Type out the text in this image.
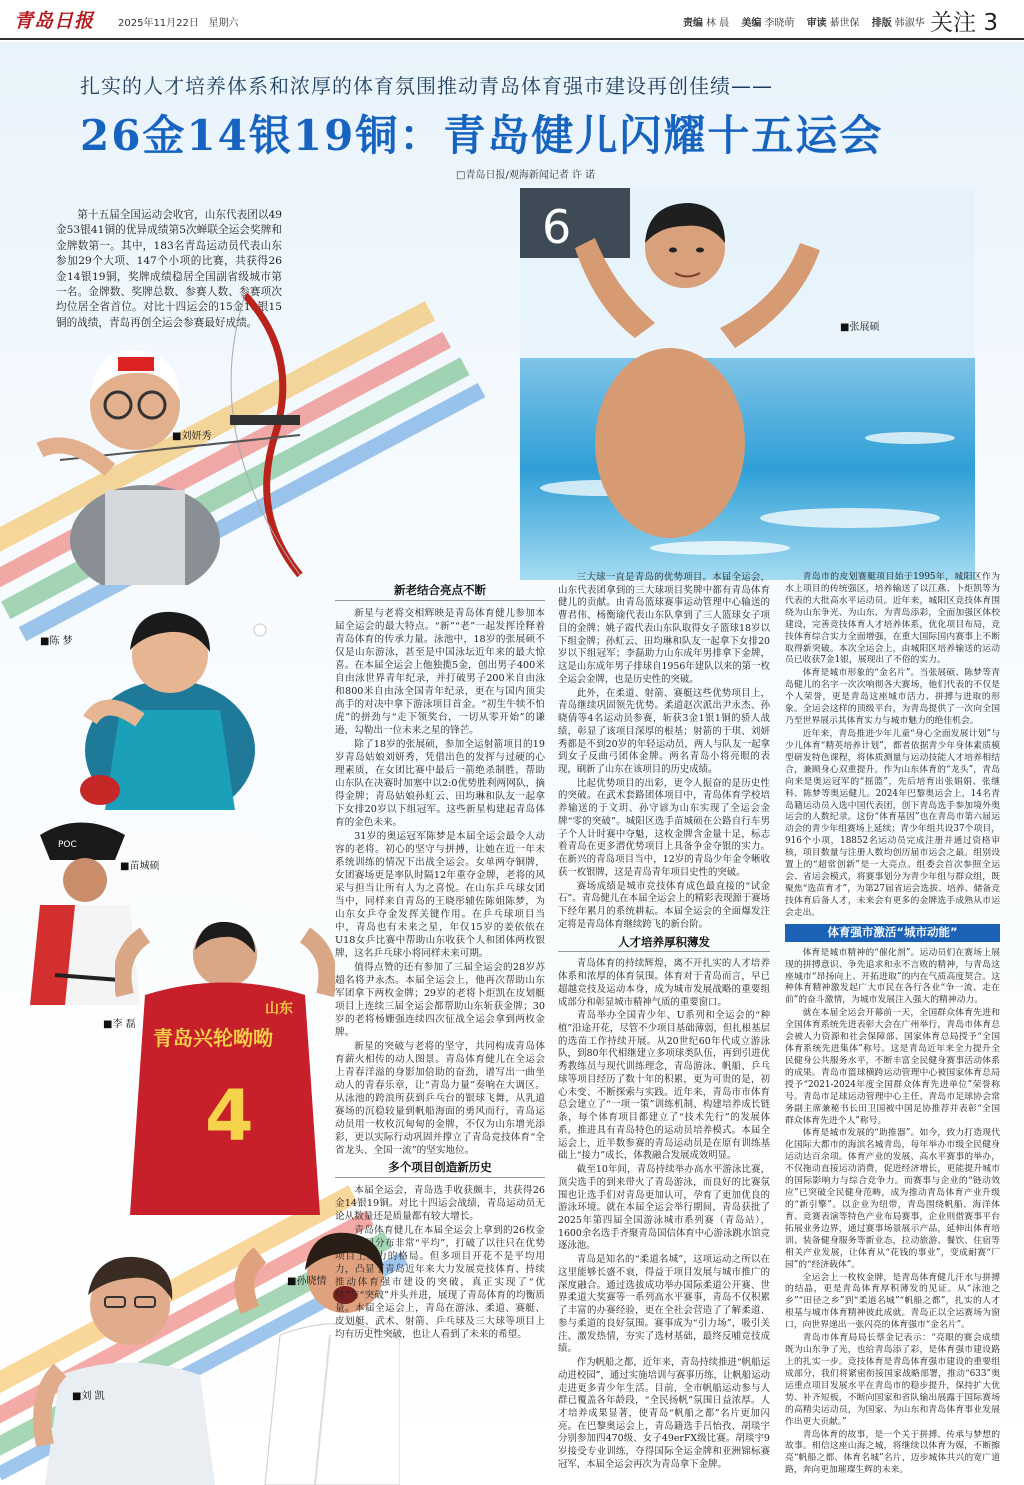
青岛日报 2025年11月22日 星期六	责编 林 晨 美编 李晓萌 审读 綦世保 排版 韩淑华 关注 3
扎实的人才培养体系和浓厚的体育氛围推动青岛体育强市建设再创佳绩——
26金14银19铜：青岛健儿闪耀十五运会
□青岛日报/观海新闻记者 许 诺
第十五届全国运动会收官，山东代表团以49金53银41铜的优异成绩第5次蝉联全运会奖牌和金牌数第一。其中，183名青岛运动员代表山东参加29个大项、147个小项的比赛，共获得26金14银19铜，奖牌成绩稳居全国副省级城市第一名。金牌数、奖牌总数、参赛人数、参赛项次均位居全省首位。对比十四运会的15金18银15铜的战绩，青岛再创全运会参赛最好成绩。
6
■张展硕
■刘妍秀
■陈 梦
POC
■苗城硕
山东
青岛兴轮呦呦
4
■李 磊
■孙晓情
■刘 凯
新老结合亮点不断

新星与老将交相辉映是青岛体育健儿参加本届全运会的最大特点。“新”“老”一起发挥诠释着青岛体育的传承力量。泳池中，18岁的张展硕不仅是山东游泳，甚至是中国泳坛近年来的最大惊喜。在本届全运会上他独揽5金，创出男子400米自由泳世界青年纪录，并打破男子200米自由泳和800米自由泳全国青年纪录，更在与国内顶尖高手的对决中拿下游泳项目首金。“初生牛犊不怕虎”的拼劲与“走下领奖台，一切从零开始”的谦逊，勾勒出一位未来之星的锋芒。

除了18岁的张展硕，参加全运射箭项目的19岁青岛姑娘刘妍秀，凭借出色的发挥与过硬的心理素质，在女团比赛中最后一箭绝杀制胜，帮助山东队在决赛时加塞中以2:0优势胜利两网队，摘得金牌；青岛姑娘孙虹云、田均琳和队友一起拿下女排20岁以下组冠军。这些新星构建起青岛体育的金色未来。

31岁的奥运冠军陈梦是本届全运会最令人动容的老将。初心的坚守与拼搏，让她在近一年未系统训练的情况下出战全运会。女单两夺铜牌，女团赛场更是率队时隔12年重夺金牌，老将的风采与担当让所有人为之喜悦。在山东乒乓球女团当中，同样来自青岛的王晓彤辅佐陈姐陈梦，为山东女乒夺金发挥关键作用。在乒乓球项目当中，青岛也有未来之星，年仅15岁的姜依依在U18女乒比赛中帮助山东收获个人和团体两枚银牌，这名乒乓球小将同样未来可期。

值得点赞的还有参加了三届全运会的28岁苏超名将尹永杰。本届全运会上，他再次帮助山东军团拿下两枚金牌；29岁的老将卜炬凯在皮划艇项目上连续三届全运会都帮助山东斩获金牌；30岁的老将杨姗强连续四次征战全运会拿到两枚金牌。

新星的突破与老将的坚守，共同构成青岛体育薪火相传的动人图景。青岛体育健儿在全运会上青春洋溢的身影加倍助的奋劲，谱写出一曲坐动人的青春乐章，让“青岛力量”奏响在大调区。从泳池的跨浪所获到乒乓台的银球飞舞，从乳道赛场的沉稳较量到帆船海面的勇风而行，青岛运动员用一枚枚沉甸甸的金牌，不仅为山东增光添彩，更以实际行动巩固并撑立了青岛竞技体育“全省龙头、全国一流”的坚实地位。

多个项目创造新历史

本届全运会，青岛选手收获颇丰，共获得26金14银19铜。对比十四运会战绩，青岛运动员无论从数量还是质量都有较大增长。

青岛体育健儿在本届全运会上拿到的26枚金牌，项目分布非常“平均”，打破了以往只在优势项目上发力的格局。但多项目开花不是平均用力，凸显了青岛近年来大力发展竞技体育、持续推动体育强市建设的突破，真正实现了“优势”与“突破”并头并进，展现了青岛体育的均衡质量。本届全运会上，青岛在游泳、柔道、赛艇、皮划艇、武术、射箭、乒乓球及三大球等项目上均有历史性突破，也让人看到了未来的希望。

三大球一直是青岛的优势项目。本届全运会，山东代表团拿到的三大球项目奖牌中都有青岛体育健儿的贡献。由青岛篮球赛事运动管理中心输送的曹君伟、杨衡瑜代表山东队拿到了三人篮球女子项目的金牌；姚子霞代表山东队取得女子篮球18岁以下组金牌；孙虹云、田均琳和队友一起拿下女排20岁以下组冠军；李磊助力山东成年男排拿下金牌，这是山东成年男子排球自1956年建队以来的第一枚全运会金牌，也是历史性的突破。

此外，在柔道、射箭、赛艇这些优势项目上，青岛继续巩固领先优势。柔道赵次派出尹永杰、孙晓倩等4名运动员参赛，斩获3金1银1铜的骄人战绩，彰显了该项目深厚的根基；射箭的于琪、刘妍秀都是不到20岁的年轻运动员，两人与队友一起拿到女子反曲弓团体金牌。两名青岛小将亮眼的表现，刷新了山东在该项目的历史成绩。

比起优势项目的出彩，更令人振奋的是历史性的突破。在武术套路团体项目中，青岛体育学校培养输送的于文玥、孙守谚为山东实现了全运会金牌“零的突破”。城阳区选手苗城硕在公路自行车男子个人计时赛中夺魁，这枚金牌含金量十足，标志着青岛在更多潜优势项目上具备争金夺银的实力。在新兴的青岛项目当中，12岁的青岛少年金令晰收获一枚银牌，这是青岛青年项目史性的突破。

赛场成绩是城市竞技体育成色最直接的“试金石”。青岛健儿在本届全运会上的精彩表现源于赛场下经年累月的系统耕耘。本届全运会的全面爆发注定将是青岛体育继续跨飞的新台阶。

人才培养厚积薄发

青岛体育的持续辉煌，离不开扎实的人才培养体系和浓厚的体育氛围。体育对于青岛而言，早已超越竞技及运动本身，成为城市发展战略的重要组成部分和彰显城市精神气质的重要窗口。

青岛举办全国青少年、U系列和全运会的“种植”沿途开花，尽管不少项目基础薄弱，但扎根基层的选苗工作持续开展。从20世纪60年代成立游泳队，到80年代相继建立多项球类队伍，再到引进优秀教练员与现代训练理念，青岛游泳、帆船、乒乓球等项目经历了数十年的积累，更为可贵的是，初心未变、不断探索与实践。近年来，青岛市市体育总会建立了“一项一策”训练机制、构建培养成长链条，每个体育项目都建立了“技术先行”的发展体系，推进具有青岛特色的运动员培养模式。本届全运会上，近半数参赛的青岛运动员是在原有训练基础上“接力”成长，体教融合发展成效明显。

截至10年间，青岛持续举办高水平游泳比赛，顶尖选手的到来带火了青岛游泳，而良好的比赛氛围也让选手们对青岛更加认可，孕育了更加优良的游泳环境。就在本届全运会举行期间，青岛获批了2025年第四届全国游泳城市系列赛（青岛站），1600余名选手齐聚青岛国信体育中心游泳跳水馆竞逐泳池。

青岛是知名的“柔道名城”，这项运动之所以在这里能够长盛不衰，得益于项目发展与城市推广的深度融合。通过选拔成功举办国际柔道公开赛、世界柔道大奖赛等一系列高水平赛事，青岛不仅积累了丰富的办赛经验，更在全社会营造了了解柔道、参与柔道的良好氛围。赛事成为“引力场”，吸引关注、激发热情，夯实了选材基础，最终反哺竞技成绩。

作为帆船之都，近年来，青岛持续推进“帆船运动进校园”，通过实施培训与赛事历练，让帆船运动走进更多青少年生活。目前，全市帆船运动参与人群已覆盖各年龄段，“全民扬帆”氛围日益浓厚。人才培养成果显著，使青岛“帆船之都”名片更加闪亮。在巴黎奥运会上，青岛籍选手吕怡孜、胡琰宇分别参加四470级、女子49erFX级比赛。胡琰宇9岁接受专业训练，夺得国际全运金牌和亚洲锦标赛冠军，本届全运会再次为青岛拿下金牌。

青岛市的皮划赛艇项目始于1995年，城阳区作为水上项目的传统强区，培养输送了以江燕、卜炬凯等为代表的大批高水平运动员。近年来，城阳区竞技体育围绕为山东争光、为山东、为青岛添彩，全面加强区体校建设，完善竞技体育人才培养体系，优化项目布局，竞技体育综合实力全面增强，在重大国际国内赛事上不断取得新突破。本次全运会上，由城阳区培养输送的运动员已收获7金1银，展现出了不俗的实力。

体育是城市形象的“金名片”。当张展硕、陈梦等青岛健儿的名字一次次响彻各大赛场，他们代表的不仅是个人荣誉，更是青岛这座城市活力、拼搏与进取的形象。全运会这样的顶级平台，为青岛提供了一次向全国乃至世界展示其体育实力与城市魅力的绝佳机会。

近年来，青岛推进少年儿童“身心全面发展计划”与少儿体育“精英培养计划”，都者依据青少年身体素质模型研发特色课程，将体质测量与运动技能人才培养相结合，兼顾身心双重提升。作为山东体育的“龙头”，青岛向来是奥运冠军的“摇篮”，先后培育出张娟娟、张继科、陈梦等奥运健儿。2024年巴黎奥运会上，14名青岛籍运动员入选中国代表团，创下青岛选手参加境外奥运会的人数纪录。这份“体育基因”也在青岛市第六届运动会的青少年组赛场上延续；青少年组共设37个项目，916个小项，18852名运动员完成注册并通过资格审核，项目数量与注册人数均创历届市运会之最。组别设置上的“超常创新”是一大亮点。组委会首次参照全运会、省运会模式，将赛事划分为青少年组与群众组，既聚焦“选苗育才”，为第27届省运会选拔、培养、储备竞技体育后备人才，未来会有更多的金牌选手成熟从市运会走出。

体育强市激活“城市动能”

体育是城市精神的“催化剂”。运动员们在赛场上展现的拼搏意识、争先追求和永不言败的精神，与青岛这座城市“昂扬向上、开拓进取”的内在气质高度契合。这种体育精神激发起广大市民在各行各业“争一流、走在前”的奋斗激情，为城市发展注入强大的精神动力。

就在本届全运会开幕前一天，全国群众体育先进和全国体育系统先进表彰大会在广州举行，青岛市体育总会被人力资源和社会保障部、国家体育总局授予“全国体育系统先进集体”称号。这是青岛近年来全力提升全民健身公共服务水平，不断丰富全民健身赛事活动体系的成果。青岛市篮球横跨运动管理中心被国家体育总局授予“2021-2024年度全国群众体育先进单位”荣誉称号。青岛市足球运动管理中心主任、青岛市足球协会常务副主席兼秘书长田卫国被中国足协推荐并表彰“全国群众体育先进个人”称号。

体育是城市发展的“助推器”。如今，致力打造现代化国际大都市的海滨名城青岛，每年举办市级全民健身运动达百余项。体育产业的发展、高水平赛事的举办，不仅拖动直接运动消费，促进经济增长，更能提升城市的国际影响力与综合竞争力。而赛事与企业的“链动效应”已突破全民健身范畴，成为推动青岛体育产业升级的“新引擎”。以企业为纽带，青岛围绕帆船、海洋体育、竞赛表演等特色产业布局赛事，企业则借赛事平台拓展业务边界，通过赛事场景展示产品，延伸出体育培训、装备健身服务等新业态，拉动旅游、餐饮、住宿等相关产业发展，让体育从“花钱的事业”，变成耐赛“厂园”的“经济载体”。

全运会上一枚枚金牌，是青岛体育健儿汗水与拼搏的结晶，更是青岛体育厚积薄发的见证。从“泳池之乡”“田径之乡”到“柔道名城”“帆船之都”，扎实的人才根基与城市体育精神彼此成就。青岛正以全运赛场为窗口，向世界递出一张闪亮的体育强市“金名片”。

青岛市体育局局长蔡金记表示：“亮眼的赛会成绩既为山东争了光，也给青岛添了彩，是体育强市建设路上的扎实一步。竞技体育是青岛体育强市建设的重要组成部分，我们将紧密衔接国家战略部署，推动“633”奥运重点项目发展水平在青岛市的稳步提升，保持扩大优势、补齐短板，不断向国家和省队输出展露于国际赛场的高精尖运动员，为国家、为山东和青岛体育事业发展作出更大贡献。”

青岛体育的故事，是一个关于拼搏、传承与梦想的故事。相信这座山海之城，将继续以体育为媒，不断擦亮“帆船之都、体育名城”名片，迈步城体共兴的宽广道路，奔向更加璀璨生辉的未来。
